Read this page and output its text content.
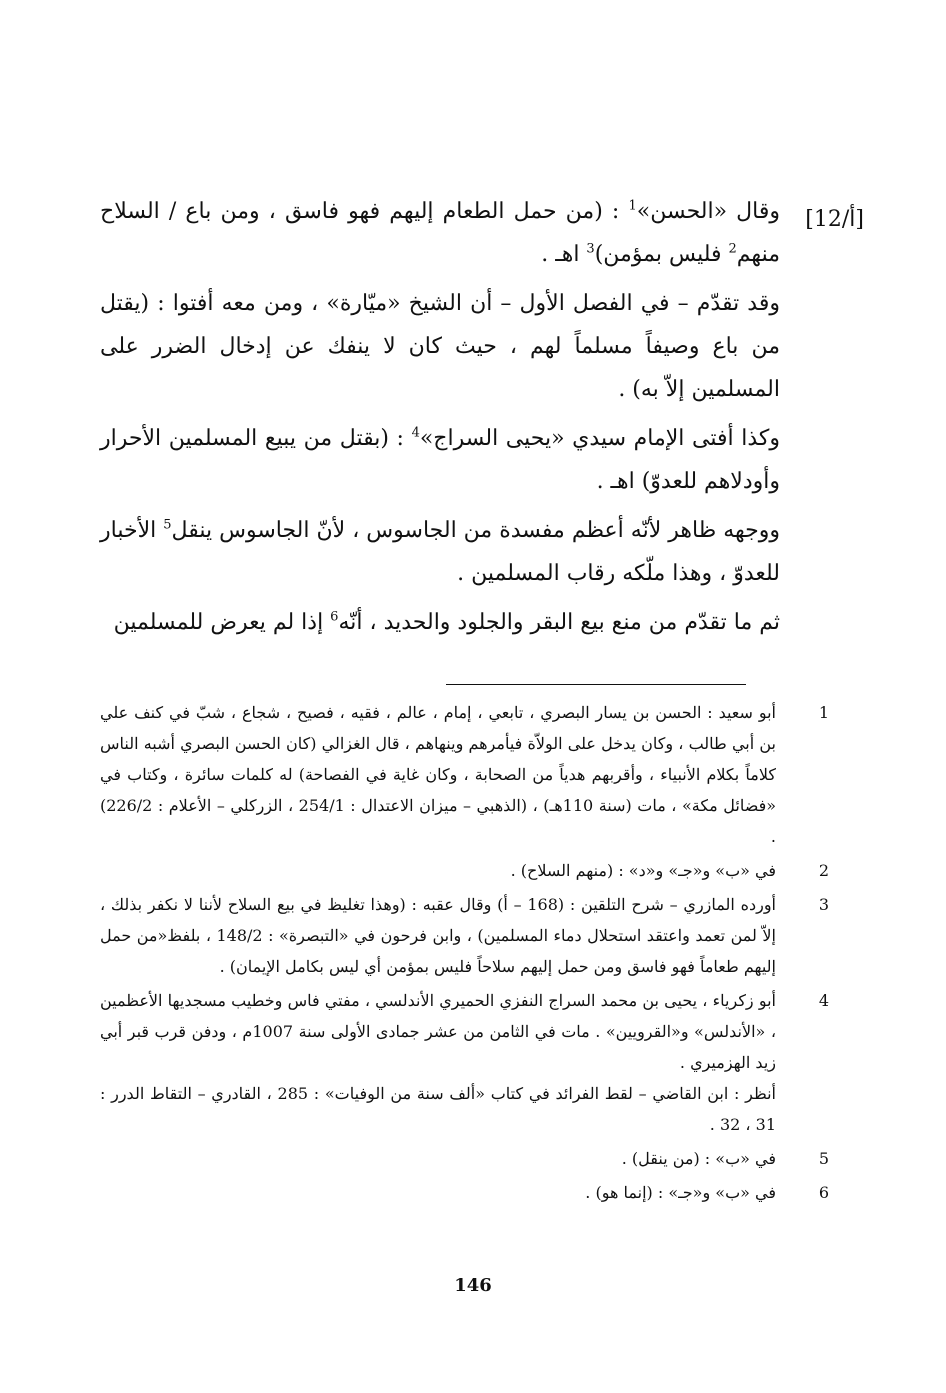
[12/أ]

وقال «الحسن»$^1$ : (من حمل الطعام إليهم فهو فاسق ، ومن باع / السلاح منهم$^2$ فليس بمؤمن)$^3$ اهـ .

وقد تقدّم – في الفصل الأول – أن الشيخ «ميّارة» ، ومن معه أفتوا : (يقتل من باع وصيفاً مسلماً لهم ، حيث كان لا ينفك عن إدخال الضرر على المسلمين إلاّ به) .

وكذا أفتى الإمام سيدي «يحيى السراج»$^4$ : (بقتل من يبيع المسلمين الأحرار وأودلاهم للعدوّ) اهـ .

ووجهه ظاهر لأنّه أعظم مفسدة من الجاسوس ، لأنّ الجاسوس ينقل$^5$ الأخبار للعدوّ ، وهذا ملّكه رقاب المسلمين .

ثم ما تقدّم من منع بيع البقر والجلود والحديد ، أنّه$^6$ إذا لم يعرض للمسلمين

1
أبو سعيد : الحسن بن يسار البصري ، تابعي ، إمام ، عالم ، فقيه ، فصيح ، شجاع ، شبّ في كنف علي بن أبي طالب ، وكان يدخل على الولاّة فيأمرهم وينهاهم ، قال الغزالي (كان الحسن البصري أشبه الناس كلاماً بكلام الأنبياء ، وأقربهم هدياً من الصحابة ، وكان غاية في الفصاحة) له كلمات سائرة ، وكتاب في «فضائل مكة» ، مات (سنة 110هـ) ، (الذهبي – ميزان الاعتدال : 254/1 ، الزركلي – الأعلام : 226/2) .
2
في «ب» و«جـ» و«د» : (منهم السلاح) .
3
أورده المازري – شرح التلقين : (168 – أ) وقال عقبه : (وهذا تغليظ في بيع السلاح لأننا لا نكفر بذلك ، إلاّ لمن تعمد واعتقد استحلال دماء المسلمين) ، وابن فرحون في «التبصرة» : 148/2 ، بلفظ«من حمل إليهم طعاماً فهو فاسق ومن حمل إليهم سلاحاً فليس بمؤمن أي ليس بكامل الإيمان) .
4
أبو زكرياء ، يحيى بن محمد السراج النفزي الحميري الأندلسي ، مفتي فاس وخطيب مسجديها الأعظمين ، «الأندلس» و«القرويين» . مات في الثامن من عشر جمادى الأولى سنة 1007م ، ودفن قرب قبر أبي زيد الهزميري .
أنظر : ابن القاضي – لقط الفرائد في كتاب «ألف سنة من الوفيات» : 285 ، القادري – التقاط الدرر : 31 ، 32 .
5
في «ب» : (من ينقل) .
6
في «ب» و«جـ» : (إنما هو) .
146
